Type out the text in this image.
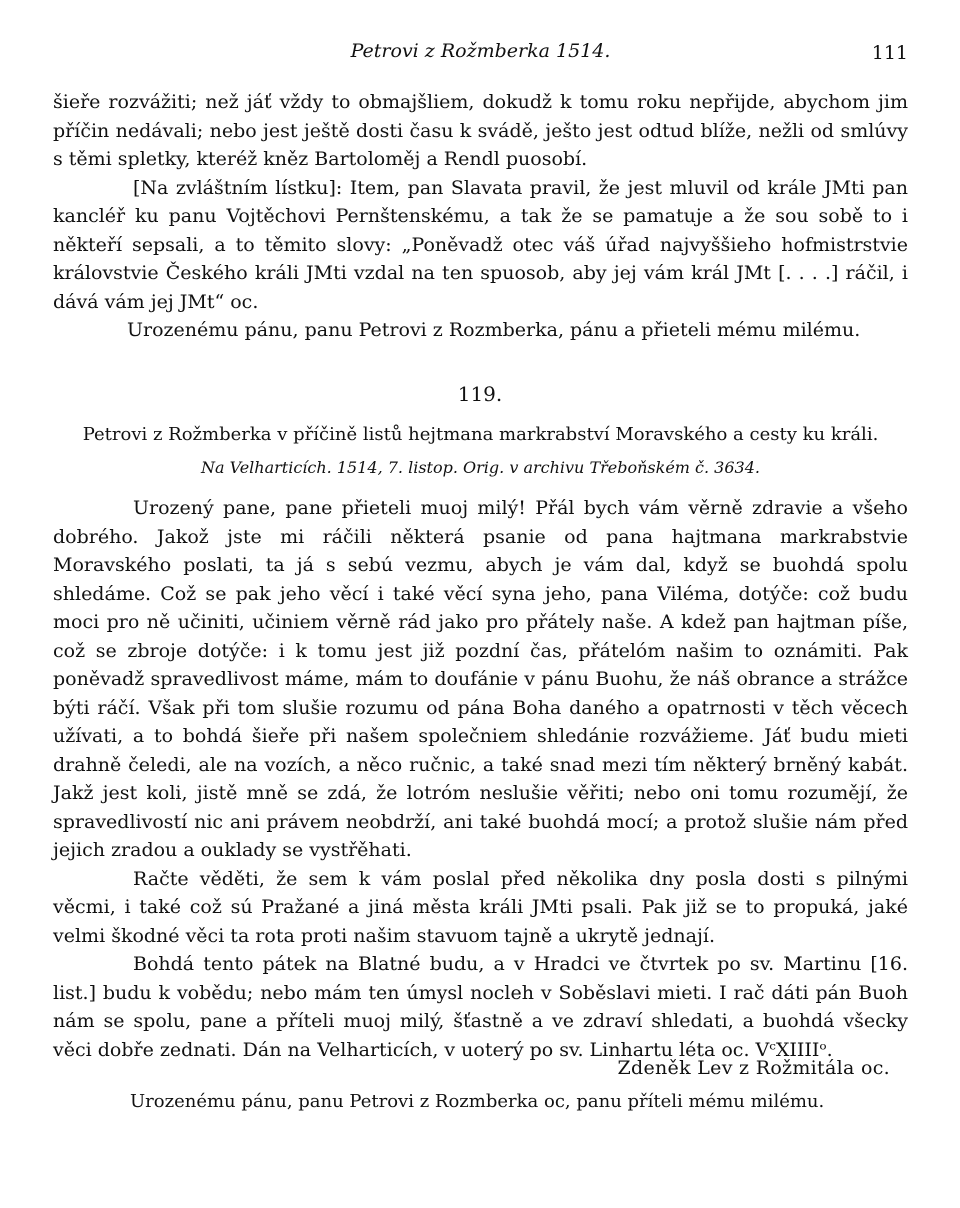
Petrovi z Rožmberka 1514.	111

šieře rozvážiti; než jáť vždy to obmajšliem, dokudž k tomu roku nepřijde, abychom jim příčin nedávali; nebo jest ještě dosti času k svádě, ješto jest odtud blíže, nežli od smlúvy s těmi spletky, kteréž kněz Bartoloměj a Rendl puosobí.

[Na zvláštním lístku]: Item, pan Slavata pravil, že jest mluvil od krále JMti pan kancléř ku panu Vojtěchovi Pernštenskému, a tak že se pamatuje a že sou sobě to i někteří sepsali, a to těmito slovy: „Poněvadž otec váš úřad najvyššieho hofmistrstvie královstvie Českého králi JMti vzdal na ten spuosob, aby jej vám král JMt [. . . .] ráčil, i dává vám jej JMt“ oc.

Urozenému pánu, panu Petrovi z Rozmberka, pánu a přieteli mému milému.

119.
Petrovi z Rožmberka v příčině listů hejtmana markrabství Moravského a cesty ku králi.
Na Velharticích. 1514, 7. listop. Orig. v archivu Třeboňském č. 3634.

Urozený pane, pane přieteli muoj milý! Přál bych vám věrně zdravie a všeho dobrého. Jakož jste mi ráčili některá psanie od pana hajtmana markrabstvie Moravského poslati, ta já s sebú vezmu, abych je vám dal, když se buohdá spolu shledáme. Což se pak jeho věcí i také věcí syna jeho, pana Viléma, dotýče: což budu moci pro ně učiniti, učiniem věrně rád jako pro přátely naše. A kdež pan hajtman píše, což se zbroje dotýče: i k tomu jest již pozdní čas, přátelóm našim to oznámiti. Pak poněvadž spravedlivost máme, mám to doufánie v pánu Buohu, že náš obrance a strážce býti ráčí. Však při tom slušie rozumu od pána Boha daného a opatrnosti v těch věcech užívati, a to bohdá šieře při našem společniem shledánie rozvážieme. Jáť budu mieti drahně čeledi, ale na vozích, a něco ručnic, a také snad mezi tím některý brněný kabát. Jakž jest koli, jistě mně se zdá, že lotróm neslušie věřiti; nebo oni tomu rozumějí, že spravedlivostí nic ani právem neobdrží, ani také buohdá mocí; a protož slušie nám před jejich zradou a ouklady se vystřěhati.

Račte věděti, že sem k vám poslal před několika dny posla dosti s pilnými věcmi, i také což sú Pražané a jiná města králi JMti psali. Pak již se to propuká, jaké velmi škodné věci ta rota proti našim stavuom tajně a ukrytě jednají.

Bohdá tento pátek na Blatné budu, a v Hradci ve čtvrtek po sv. Martinu [16. list.] budu k vobědu; nebo mám ten úmysl nocleh v Soběslavi mieti. I rač dáti pán Buoh nám se spolu, pane a příteli muoj milý, šťastně a ve zdraví shledati, a buohdá všecky věci dobře zednati. Dán na Velharticích, v uoterý po sv. Linhartu léta oc. VᶜXIIIIᵒ.

Zdeněk Lev z Rožmitála oc.
Urozenému pánu, panu Petrovi z Rozmberka oc, panu příteli mému milému.
